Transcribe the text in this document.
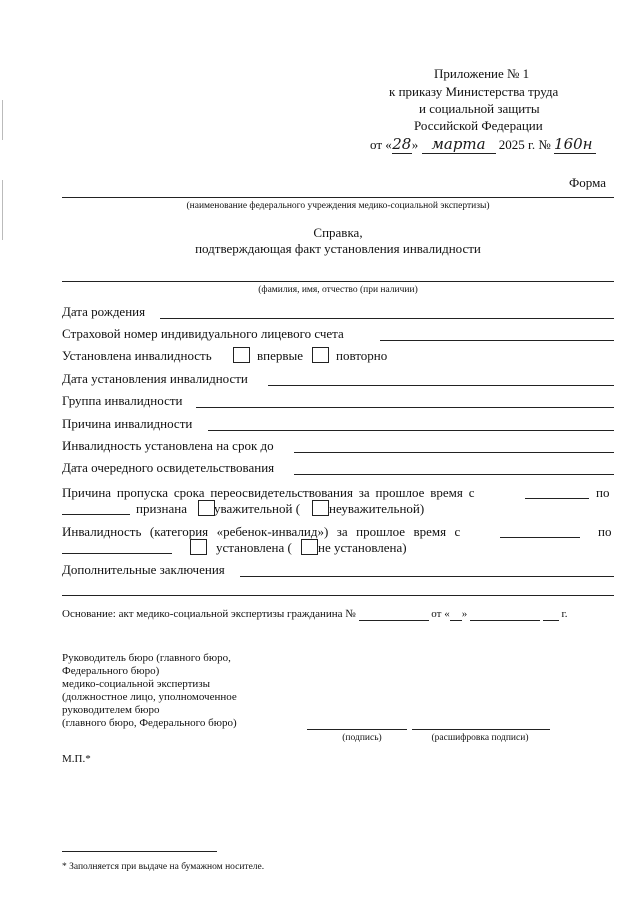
Приложение № 1
к приказу Министерства труда
и социальной защиты
Российской Федерации
от «28» марта 2025 г. № 160н
Форма
(наименование федерального учреждения медико-социальной экспертизы)
Справка,
подтверждающая факт установления инвалидности
(фамилия, имя, отчество (при наличии)
Дата рождения
Страховой номер индивидуального лицевого счета
Установлена инвалидность	впервые	повторно
Дата установления инвалидности
Группа инвалидности
Причина инвалидности
Инвалидность установлена на срок до
Дата очередного освидетельствования
Причина пропуска срока переосвидетельствования за прошлое время с	по
признана уважительной ( неуважительной)
Инвалидность (категория «ребенок-инвалид») за прошлое время с	по
установлена ( не установлена)
Дополнительные заключения
Основание: акт медико-социальной экспертизы гражданина №	от « »	г.
Руководитель бюро (главного бюро,
Федерального бюро)
медико-социальной экспертизы
(должностное лицо, уполномоченное
руководителем бюро
(главного бюро, Федерального бюро)
(подпись)	(расшифровка подписи)
М.П.*
* Заполняется при выдаче на бумажном носителе.
